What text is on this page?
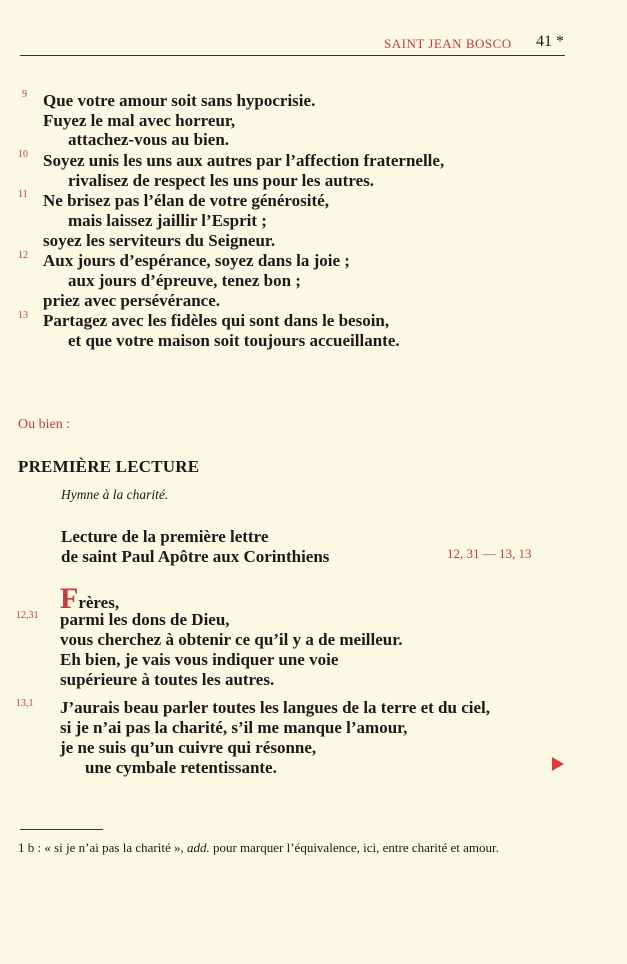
SAINT JEAN BOSCO 41 *
9 Que votre amour soit sans hypocrisie.
Fuyez le mal avec horreur,
attachez-vous au bien.
10 Soyez unis les uns aux autres par l’affection fraternelle,
rivalisez de respect les uns pour les autres.
11 Ne brisez pas l’élan de votre générosité,
mais laissez jaillir l’Esprit ;
soyez les serviteurs du Seigneur.
12 Aux jours d’espérance, soyez dans la joie ;
aux jours d’épreuve, tenez bon ;
priez avec persévérance.
13 Partagez avec les fidèles qui sont dans le besoin,
et que votre maison soit toujours accueillante.
Ou bien :
PREMIÈRE LECTURE
Hymne à la charité.
Lecture de la première lettre
de saint Paul Apôtre aux Corinthiens	12, 31 — 13, 13
Frères,
12,31 parmi les dons de Dieu,
vous cherchez à obtenir ce qu’il y a de meilleur.
Eh bien, je vais vous indiquer une voie
supérieure à toutes les autres.
13,1 J’aurais beau parler toutes les langues de la terre et du ciel,
si je n’ai pas la charité, s’il me manque l’amour,
je ne suis qu’un cuivre qui résonne,
une cymbale retentissante.
1 b : « si je n’ai pas la charité », add. pour marquer l’équivalence, ici, entre charité et amour.
